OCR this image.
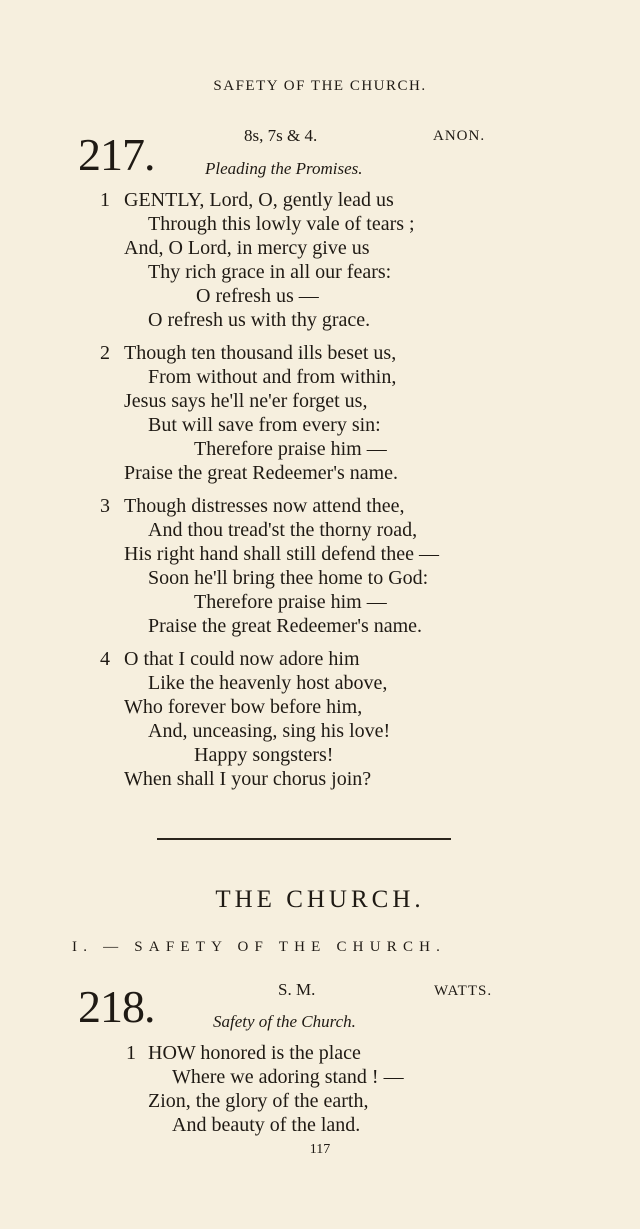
SAFETY OF THE CHURCH.
217.	8s, 7s & 4.	ANON.
Pleading the Promises.
1 GENTLY, Lord, O, gently lead us
Through this lowly vale of tears ;
And, O Lord, in mercy give us
Thy rich grace in all our fears:
O refresh us —
O refresh us with thy grace.
2 Though ten thousand ills beset us,
From without and from within,
Jesus says he'll ne'er forget us,
But will save from every sin:
Therefore praise him —
Praise the great Redeemer's name.
3 Though distresses now attend thee,
And thou tread'st the thorny road,
His right hand shall still defend thee —
Soon he'll bring thee home to God:
Therefore praise him —
Praise the great Redeemer's name.
4 O that I could now adore him
Like the heavenly host above,
Who forever bow before him,
And, unceasing, sing his love!
Happy songsters!
When shall I your chorus join?
THE CHURCH.
I. — SAFETY OF THE CHURCH.
218.	S. M.	WATTS.
Safety of the Church.
1 HOW honored is the place
Where we adoring stand ! —
Zion, the glory of the earth,
And beauty of the land.
117
